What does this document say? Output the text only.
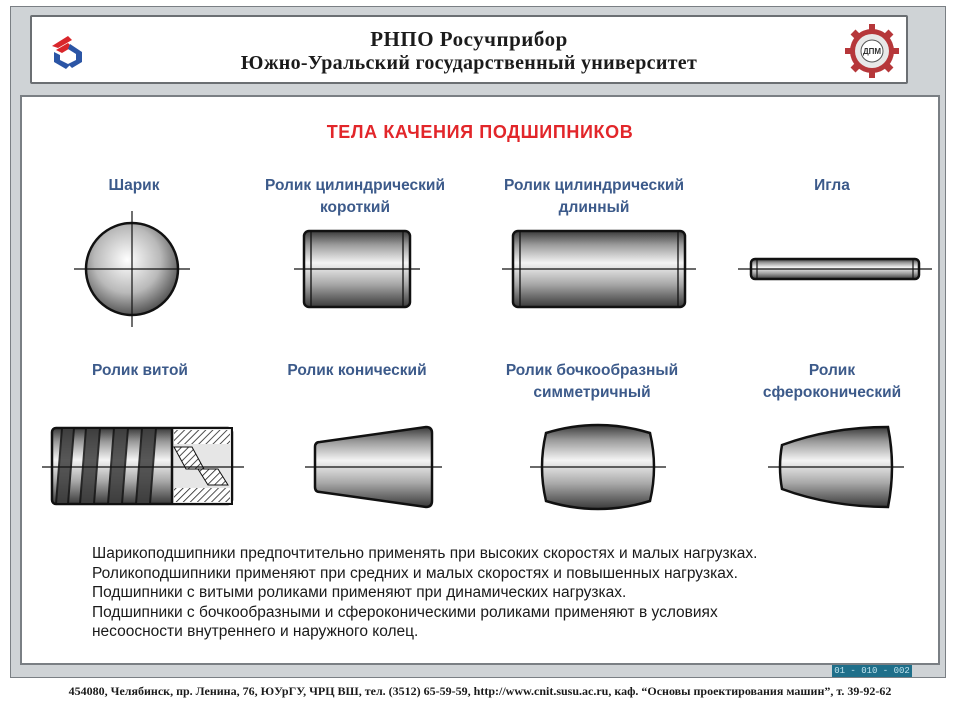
РНПО Росучприбор
Южно-Уральский государственный университет
ДПМ
ТЕЛА КАЧЕНИЯ ПОДШИПНИКОВ
Шарик	Ролик цилиндрический
короткий
Ролик цилиндрический
длинный
Игла
Ролик витой	Ролик конический	Ролик бочкообразный
симметричный
Ролик
сфероконический
Шарикоподшипники предпочтительно применять при высоких скоростях и малых нагрузках.
Роликоподшипники применяют при средних и малых скоростях и повышенных нагрузках.
Подшипники с витыми роликами применяют при динамических нагрузках.
Подшипники с бочкообразными и сфероконическими роликами применяют в условиях
несоосности внутреннего и наружного колец.
01 - 010 - 002
454080, Челябинск, пр. Ленина, 76, ЮУрГУ, ЧРЦ ВШ, тел. (3512) 65-59-59, http://www.cnit.susu.ac.ru, каф. “Основы проектирования машин”, т. 39-92-62
